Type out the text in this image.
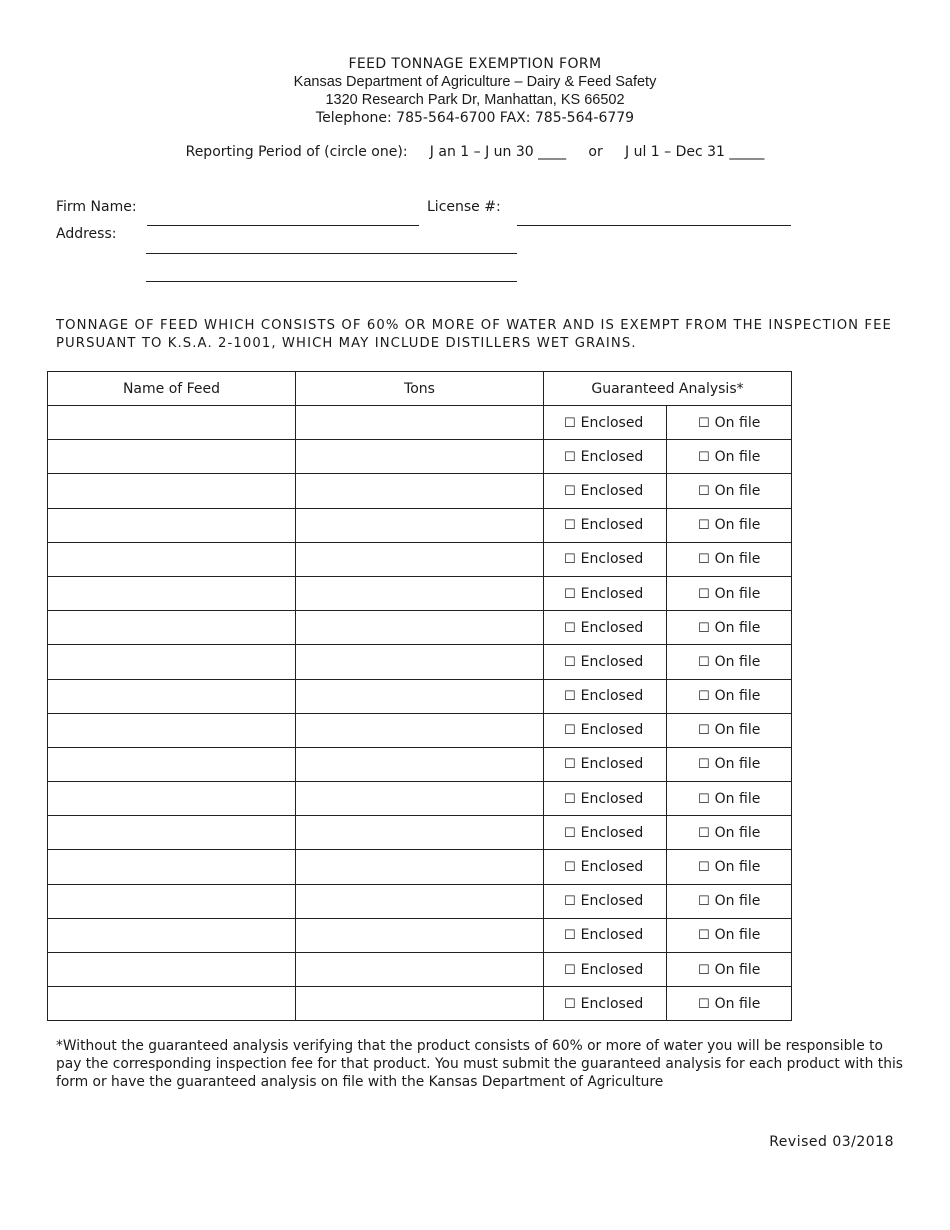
FEED TONNAGE EXEMPTION FORM
Kansas Department of Agriculture – Dairy & Feed Safety
1320 Research Park Dr, Manhattan, KS 66502
Telephone: 785-564-6700 FAX: 785-564-6779
Reporting Period of (circle one): J an 1 – J un 30 ____ or J ul 1 – Dec 31 _____
Firm Name:	License #:
Address:
TONNAGE OF FEED WHICH CONSISTS OF 60% OR MORE OF WATER AND IS EXEMPT FROM THE INSPECTION FEE PURSUANT TO K.S.A. 2-1001, WHICH MAY INCLUDE DISTILLERS WET GRAINS.
Name of Feed	Tons	Guaranteed Analysis*	
		☐ Enclosed	☐ On file
		☐ Enclosed	☐ On file
		☐ Enclosed	☐ On file
		☐ Enclosed	☐ On file
		☐ Enclosed	☐ On file
		☐ Enclosed	☐ On file
		☐ Enclosed	☐ On file
		☐ Enclosed	☐ On file
		☐ Enclosed	☐ On file
		☐ Enclosed	☐ On file
		☐ Enclosed	☐ On file
		☐ Enclosed	☐ On file
		☐ Enclosed	☐ On file
		☐ Enclosed	☐ On file
		☐ Enclosed	☐ On file
		☐ Enclosed	☐ On file
		☐ Enclosed	☐ On file
		☐ Enclosed	☐ On file
*Without the guaranteed analysis verifying that the product consists of 60% or more of water you will be responsible to pay the corresponding inspection fee for that product. You must submit the guaranteed analysis for each product with this form or have the guaranteed analysis on file with the Kansas Department of Agriculture
Revised 03/2018
